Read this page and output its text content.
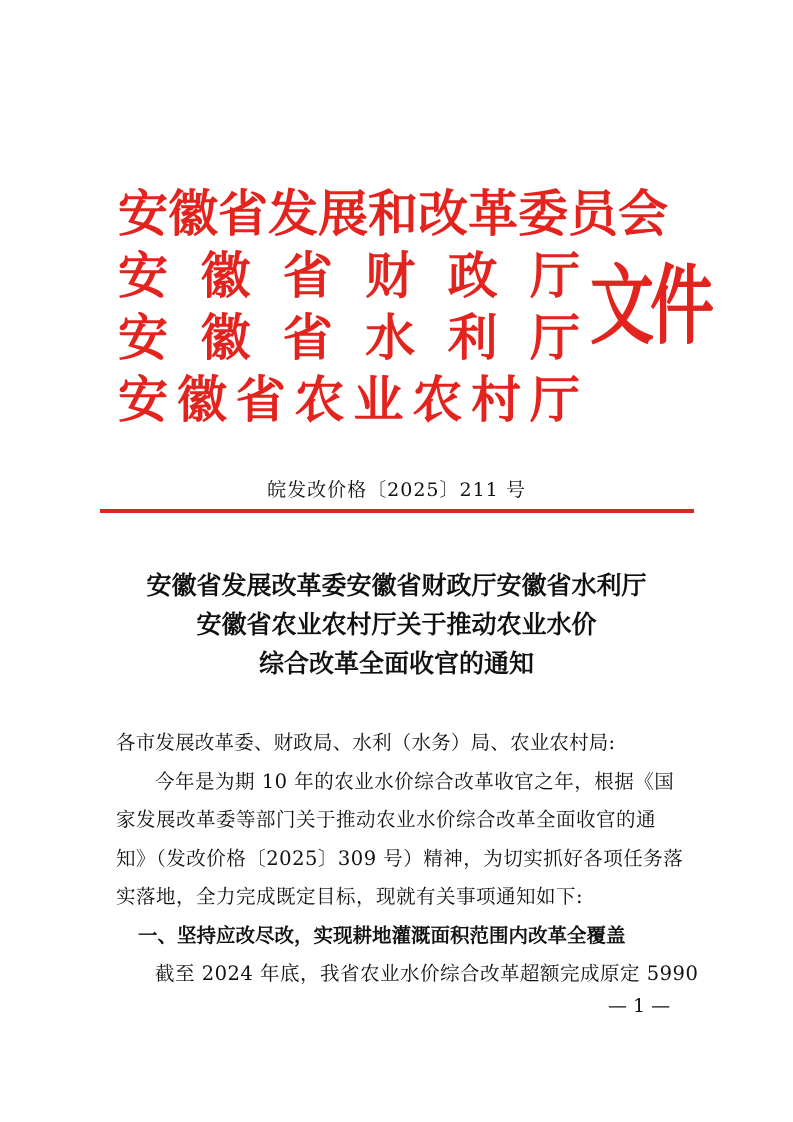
安 徽 省 发 展 和 改 革 委 员 会
安 徽 省 财 政 厅
安 徽 省 水 利 厅
安 徽 省 农 业 农 村 厅
文件
皖发改价格〔2025〕211 号
安徽省发展改革委安徽省财政厅安徽省水利厅
安徽省农业农村厅关于推动农业水价
综合改革全面收官的通知

各市发展改革委、财政局、水利（水务）局、农业农村局:

今年是为期 10 年的农业水价综合改革收官之年，根据《国
家发展改革委等部门关于推动农业水价综合改革全面收官的通
知》（发改价格〔2025〕309 号）精神，为切实抓好各项任务落
实落地，全力完成既定目标，现就有关事项通知如下:

一、坚持应改尽改，实现耕地灌溉面积范围内改革全覆盖

截至 2024 年底，我省农业水价综合改革超额完成原定 5990

— 1 —
